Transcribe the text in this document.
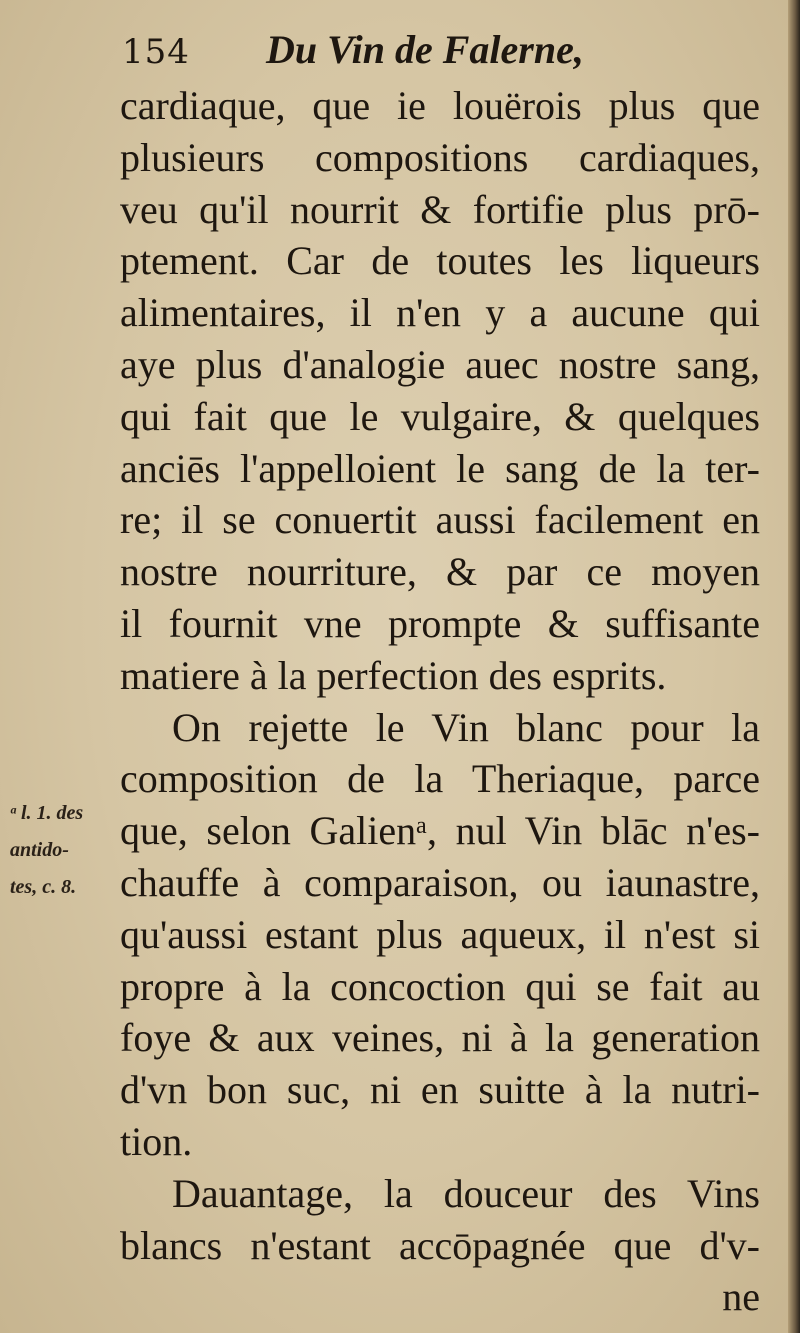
154 Du Vin de Falerne,
ᵃ l. 1. des
antido-
tes, c. 8.
cardiaque, que ie louërois plus que
plusieurs compositions cardiaques,
veu qu'il nourrit & fortifie plus prō-
ptement. Car de toutes les liqueurs
alimentaires, il n'en y a aucune qui
aye plus d'analogie auec nostre sang,
qui fait que le vulgaire, & quelques
anciēs l'appelloient le sang de la ter-
re; il se conuertit aussi facilement en
nostre nourriture, & par ce moyen
il fournit vne prompte & suffisante
matiere à la perfection des esprits.
On rejette le Vin blanc pour la
composition de la Theriaque, parce
que, selon Galienᵃ, nul Vin blāc n'es-
chauffe à comparaison, ou iaunastre,
qu'aussi estant plus aqueux, il n'est si
propre à la concoction qui se fait au
foye & aux veines, ni à la generation
d'vn bon suc, ni en suitte à la nutri-
tion.
Dauantage, la douceur des Vins
blancs n'estant accōpagnée que d'v-
ne
